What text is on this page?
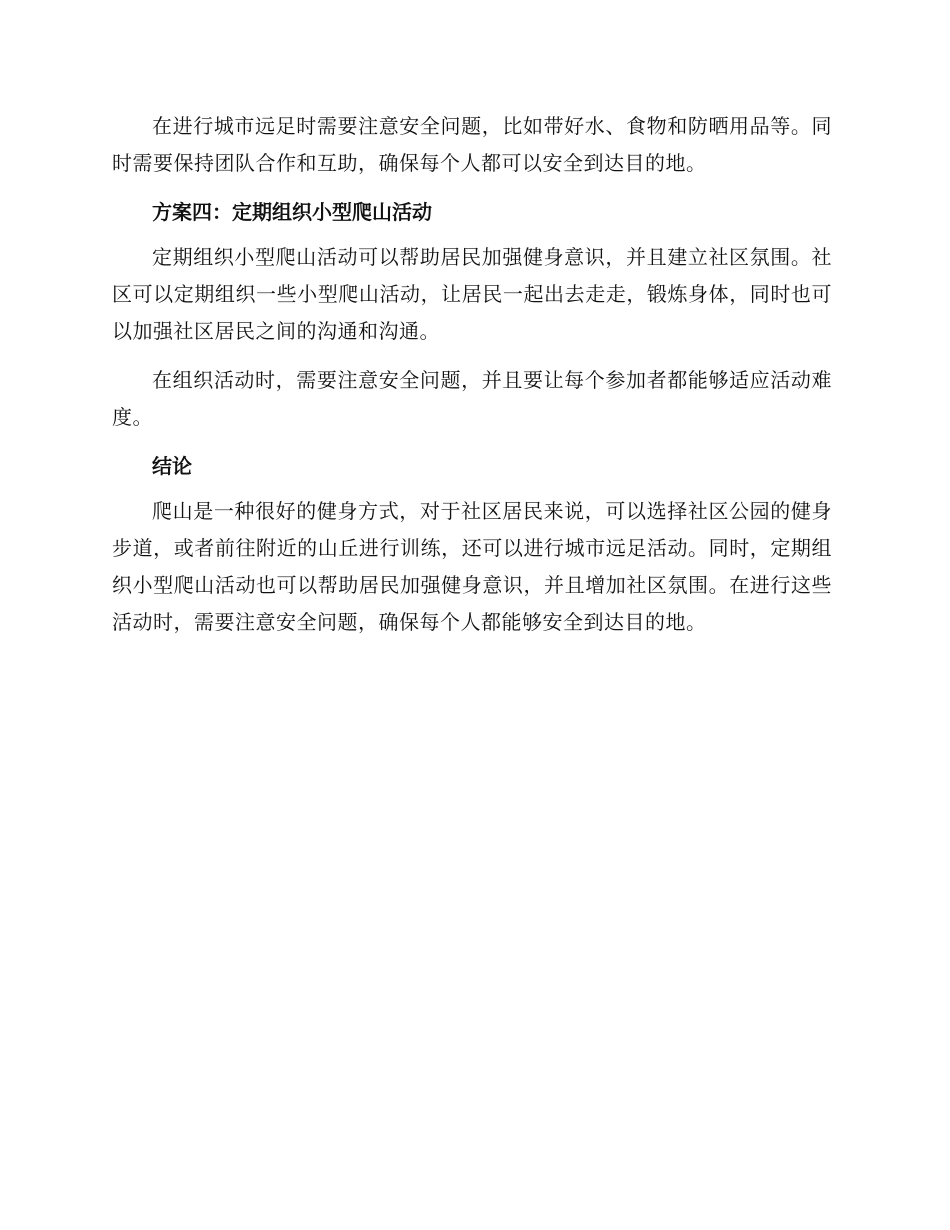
在进行城市远足时需要注意安全问题，比如带好水、食物和防晒用品等。同时需要保持团队合作和互助，确保每个人都可以安全到达目的地。

方案四：定期组织小型爬山活动

定期组织小型爬山活动可以帮助居民加强健身意识，并且建立社区氛围。社区可以定期组织一些小型爬山活动，让居民一起出去走走，锻炼身体，同时也可以加强社区居民之间的沟通和沟通。

在组织活动时，需要注意安全问题，并且要让每个参加者都能够适应活动难度。

结论

爬山是一种很好的健身方式，对于社区居民来说，可以选择社区公园的健身步道，或者前往附近的山丘进行训练，还可以进行城市远足活动。同时，定期组织小型爬山活动也可以帮助居民加强健身意识，并且增加社区氛围。在进行这些活动时，需要注意安全问题，确保每个人都能够安全到达目的地。
